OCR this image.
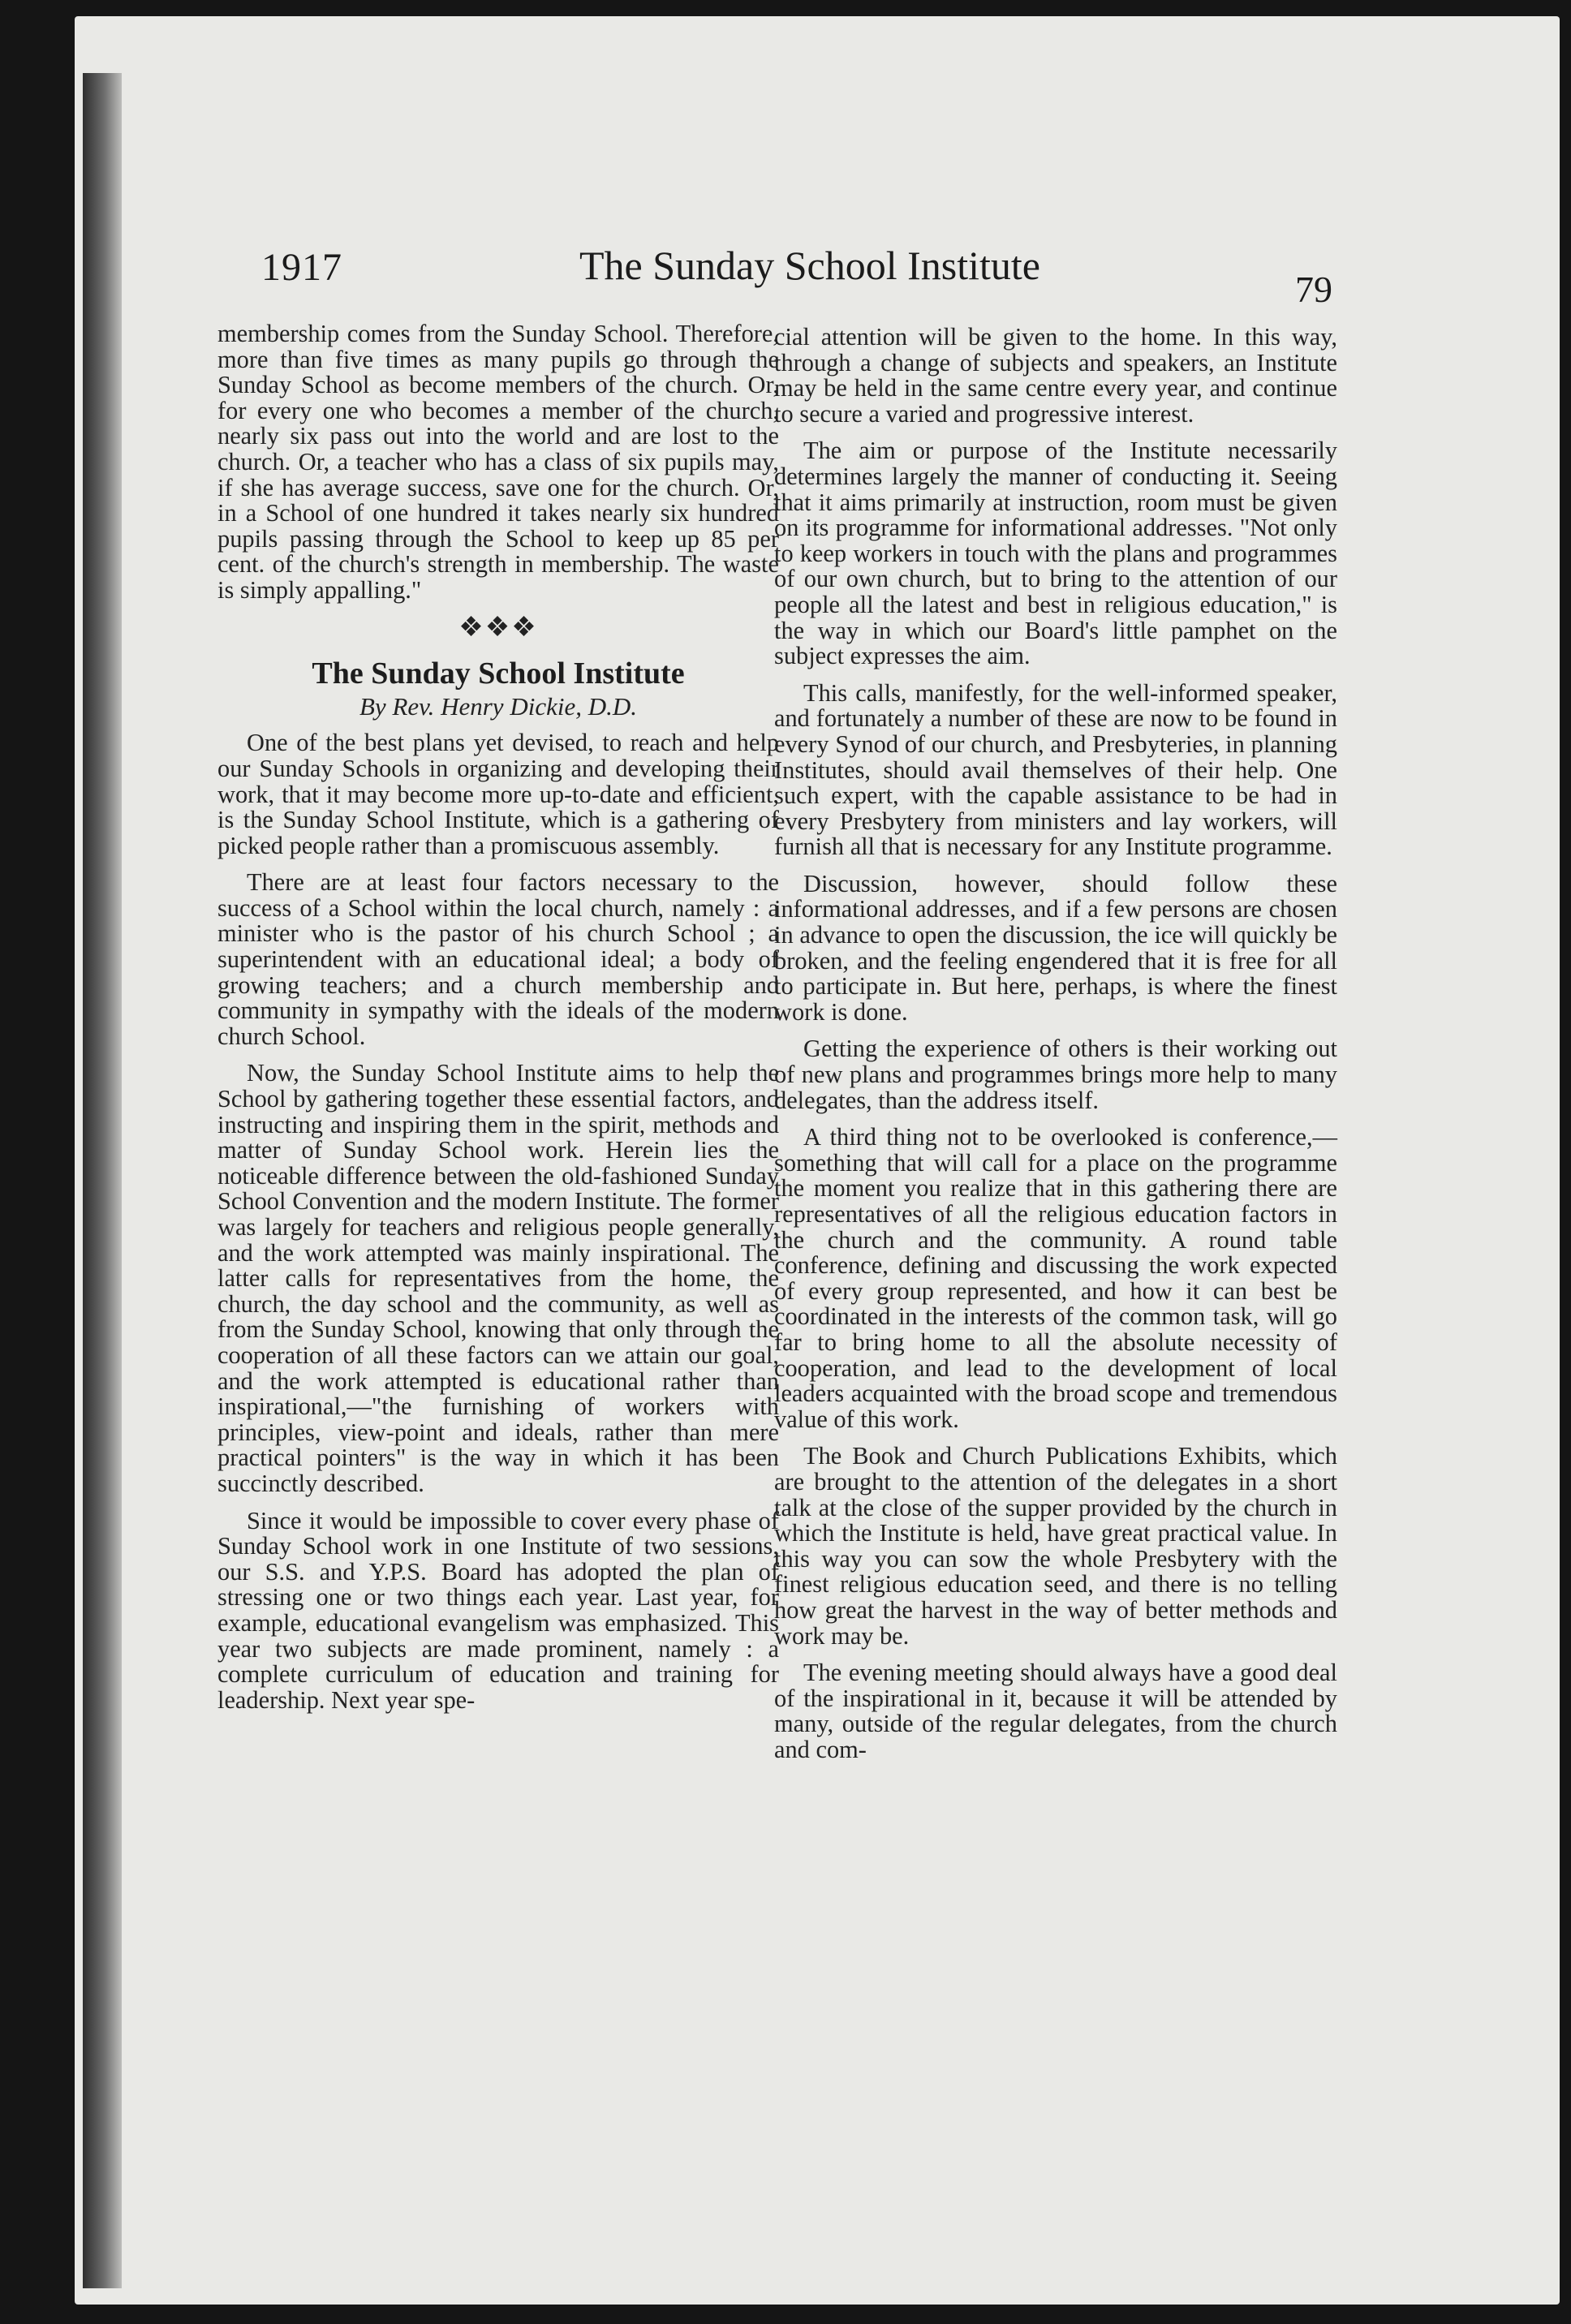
1917	The Sunday School Institute
79

membership comes from the Sunday School. Therefore, more than five times as many pupils go through the Sunday School as become members of the church. Or, for every one who becomes a member of the church, nearly six pass out into the world and are lost to the church. Or, a teacher who has a class of six pupils may, if she has average success, save one for the church. Or, in a School of one hundred it takes nearly six hundred pupils passing through the School to keep up 85 per cent. of the church's strength in membership. The waste is simply appalling."

❖❖❖

The Sunday School Institute

By Rev. Henry Dickie, D.D.

One of the best plans yet devised, to reach and help our Sunday Schools in organizing and developing their work, that it may become more up-to-date and efficient, is the Sunday School Institute, which is a gathering of picked people rather than a promiscuous assembly.

There are at least four factors necessary to the success of a School within the local church, namely : a minister who is the pastor of his church School ; a superintendent with an educational ideal; a body of growing teachers; and a church membership and community in sympathy with the ideals of the modern church School.

Now, the Sunday School Institute aims to help the School by gathering together these essential factors, and instructing and inspiring them in the spirit, methods and matter of Sunday School work. Herein lies the noticeable difference between the old-fashioned Sunday School Convention and the modern Institute. The former was largely for teachers and religious people generally, and the work attempted was mainly inspirational. The latter calls for representatives from the home, the church, the day school and the community, as well as from the Sunday School, knowing that only through the cooperation of all these factors can we attain our goal, and the work attempted is educational rather than inspirational,—"the furnishing of workers with principles, view-point and ideals, rather than mere practical pointers" is the way in which it has been succinctly described.

Since it would be impossible to cover every phase of Sunday School work in one Institute of two sessions, our S.S. and Y.P.S. Board has adopted the plan of stressing one or two things each year. Last year, for example, educational evangelism was emphasized. This year two subjects are made prominent, namely : a complete curriculum of education and training for leadership. Next year spe-

cial attention will be given to the home. In this way, through a change of subjects and speakers, an Institute may be held in the same centre every year, and continue to secure a varied and progressive interest.

The aim or purpose of the Institute necessarily determines largely the manner of conducting it. Seeing that it aims primarily at instruction, room must be given on its programme for informational addresses. "Not only to keep workers in touch with the plans and programmes of our own church, but to bring to the attention of our people all the latest and best in religious education," is the way in which our Board's little pamphet on the subject expresses the aim.

This calls, manifestly, for the well-informed speaker, and fortunately a number of these are now to be found in every Synod of our church, and Presbyteries, in planning Institutes, should avail themselves of their help. One such expert, with the capable assistance to be had in every Presbytery from ministers and lay workers, will furnish all that is necessary for any Institute programme.

Discussion, however, should follow these informational addresses, and if a few persons are chosen in advance to open the discussion, the ice will quickly be broken, and the feeling engendered that it is free for all to participate in. But here, perhaps, is where the finest work is done.

Getting the experience of others is their working out of new plans and programmes brings more help to many delegates, than the address itself.

A third thing not to be overlooked is conference,—something that will call for a place on the programme the moment you realize that in this gathering there are representatives of all the religious education factors in the church and the community. A round table conference, defining and discussing the work expected of every group represented, and how it can best be coordinated in the interests of the common task, will go far to bring home to all the absolute necessity of cooperation, and lead to the development of local leaders acquainted with the broad scope and tremendous value of this work.

The Book and Church Publications Exhibits, which are brought to the attention of the delegates in a short talk at the close of the supper provided by the church in which the Institute is held, have great practical value. In this way you can sow the whole Presbytery with the finest religious education seed, and there is no telling how great the harvest in the way of better methods and work may be.

The evening meeting should always have a good deal of the inspirational in it, because it will be attended by many, outside of the regular delegates, from the church and com-
